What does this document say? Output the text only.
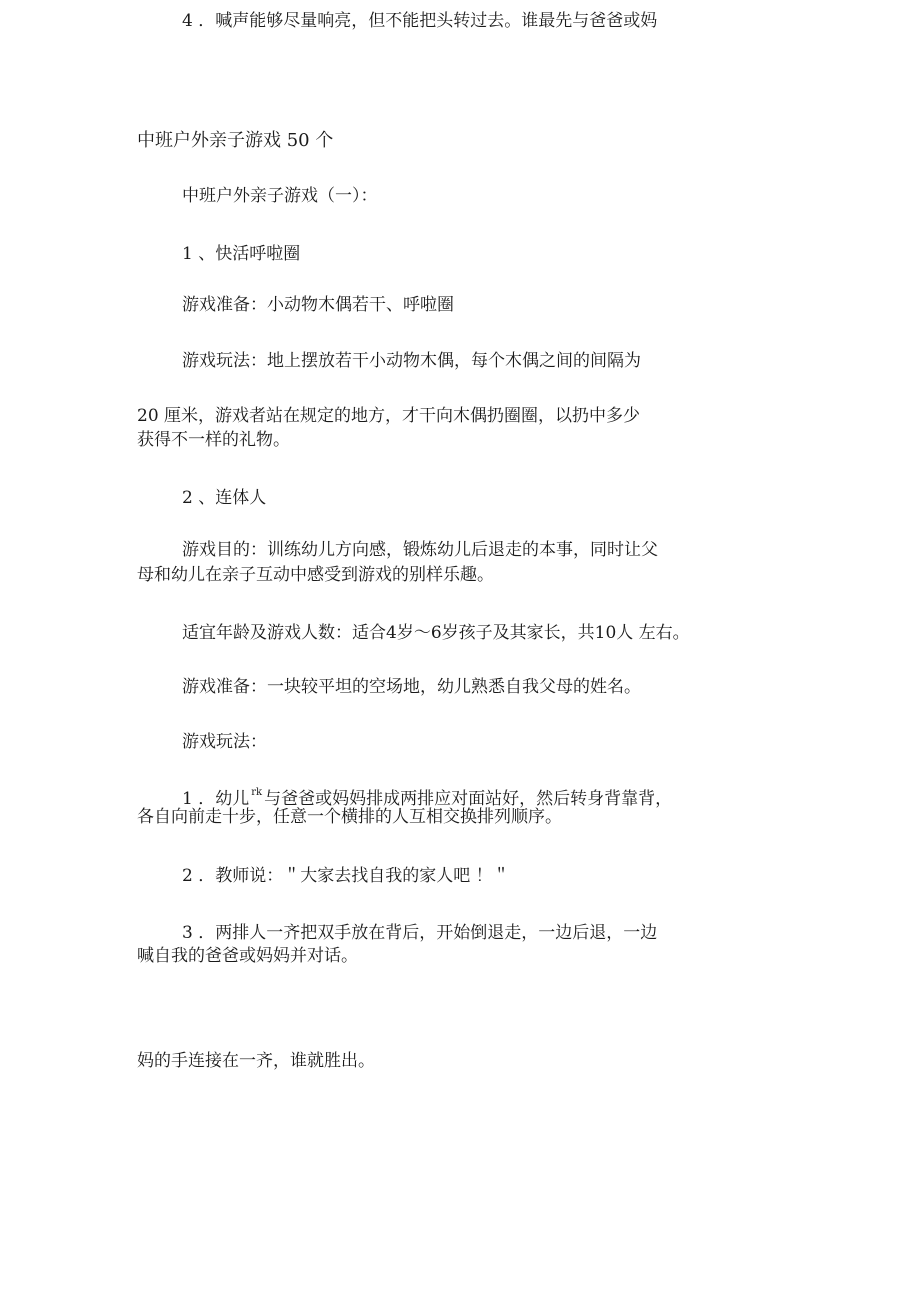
4 ．喊声能够尽量响亮，但不能把头转过去。谁最先与爸爸或妈
中班户外亲子游戏 50 个
中班户外亲子游戏（一）：
1 、快活呼啦圈
游戏准备：小动物木偶若干、呼啦圈
游戏玩法：地上摆放若干小动物木偶，每个木偶之间的间隔为
20 厘米，游戏者站在规定的地方，才干向木偶扔圈圈，以扔中多少
获得不一样的礼物。
2 、连体人
游戏目的：训练幼儿方向感，锻炼幼儿后退走的本事，同时让父
母和幼儿在亲子互动中感受到游戏的别样乐趣。
适宜年龄及游戏人数：适合4岁～6岁孩子及其家长，共10人 左右。
游戏准备：一块较平坦的空场地，幼儿熟悉自我父母的姓名。
游戏玩法：
1 ．幼儿 $^{rk}$ 与爸爸或妈妈排成两排应对面站好，然后转身背靠背，
各自向前走十步，任意一个横排的人互相交换排列顺序。
2 ．教师说：＂大家去找自我的家人吧 ！＂
3 ．两排人一齐把双手放在背后，开始倒退走，一边后退，一边
喊自我的爸爸或妈妈并对话。
妈的手连接在一齐，谁就胜出。
